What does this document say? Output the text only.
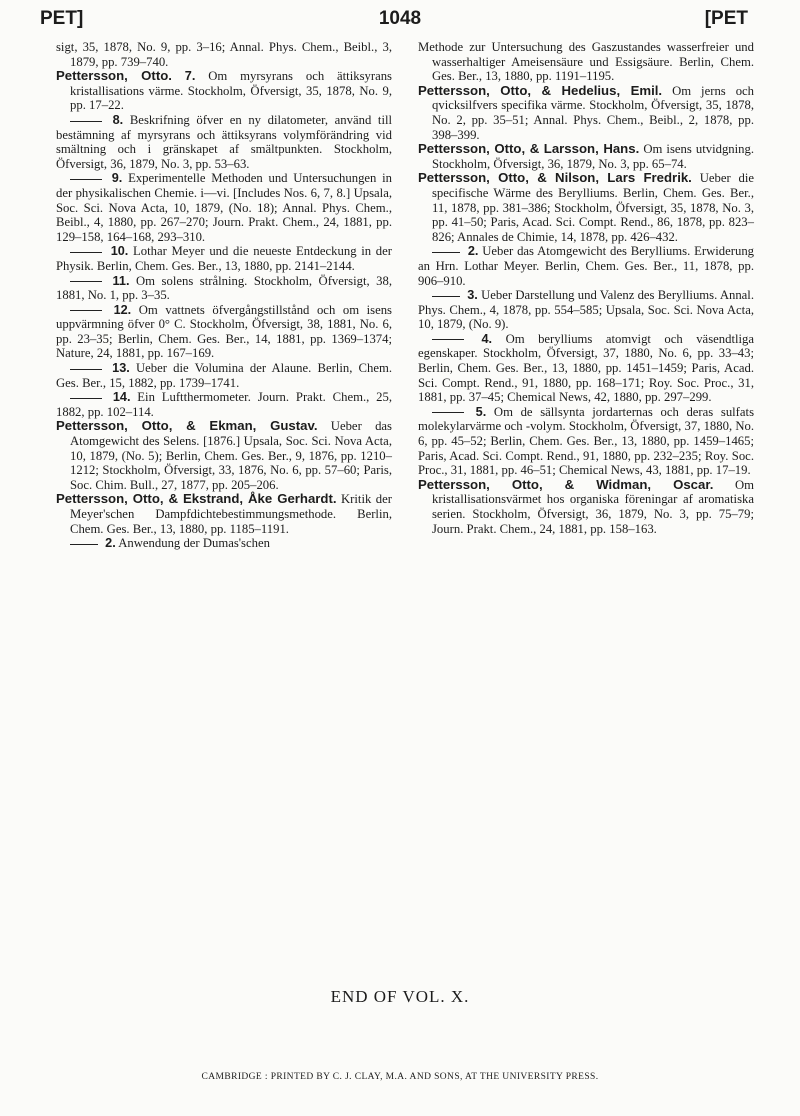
PET]	1048	[PET

sigt, 35, 1878, No. 9, pp. 3–16; Annal. Phys. Chem., Beibl., 3, 1879, pp. 739–740.

Pettersson, Otto. 7. Om myrsyrans och ättiksyrans kristallisations värme. Stockholm, Öfversigt, 35, 1878, No. 9, pp. 17–22.

8. Beskrifning öfver en ny dilatometer, använd till bestämning af myrsyrans och ättiksyrans volymförändring vid smältning och i gränskapet af smältpunkten. Stockholm, Öfversigt, 36, 1879, No. 3, pp. 53–63.

9. Experimentelle Methoden und Untersuchungen in der physikalischen Chemie. i—vi. [Includes Nos. 6, 7, 8.] Upsala, Soc. Sci. Nova Acta, 10, 1879, (No. 18); Annal. Phys. Chem., Beibl., 4, 1880, pp. 267–270; Journ. Prakt. Chem., 24, 1881, pp. 129–158, 164–168, 293–310.

10. Lothar Meyer und die neueste Entdeckung in der Physik. Berlin, Chem. Ges. Ber., 13, 1880, pp. 2141–2144.

11. Om solens strålning. Stockholm, Öfversigt, 38, 1881, No. 1, pp. 3–35.

12. Om vattnets öfvergångstillstånd och om isens uppvärmning öfver 0° C. Stockholm, Öfversigt, 38, 1881, No. 6, pp. 23–35; Berlin, Chem. Ges. Ber., 14, 1881, pp. 1369–1374; Nature, 24, 1881, pp. 167–169.

13. Ueber die Volumina der Alaune. Berlin, Chem. Ges. Ber., 15, 1882, pp. 1739–1741.

14. Ein Luftthermometer. Journ. Prakt. Chem., 25, 1882, pp. 102–114.

Pettersson, Otto, & Ekman, Gustav. Ueber das Atomgewicht des Selens. [1876.] Upsala, Soc. Sci. Nova Acta, 10, 1879, (No. 5); Berlin, Chem. Ges. Ber., 9, 1876, pp. 1210–1212; Stockholm, Öfversigt, 33, 1876, No. 6, pp. 57–60; Paris, Soc. Chim. Bull., 27, 1877, pp. 205–206.

Pettersson, Otto, & Ekstrand, Åke Gerhardt. Kritik der Meyer'schen Dampfdichtebestimmungsmethode. Berlin, Chem. Ges. Ber., 13, 1880, pp. 1185–1191.

2. Anwendung der Dumas'schen

Methode zur Untersuchung des Gaszustandes wasserfreier und wasserhaltiger Ameisensäure und Essigsäure. Berlin, Chem. Ges. Ber., 13, 1880, pp. 1191–1195.

Pettersson, Otto, & Hedelius, Emil. Om jerns och qvicksilfvers specifika värme. Stockholm, Öfversigt, 35, 1878, No. 2, pp. 35–51; Annal. Phys. Chem., Beibl., 2, 1878, pp. 398–399.

Pettersson, Otto, & Larsson, Hans. Om isens utvidgning. Stockholm, Öfversigt, 36, 1879, No. 3, pp. 65–74.

Pettersson, Otto, & Nilson, Lars Fredrik. Ueber die specifische Wärme des Berylliums. Berlin, Chem. Ges. Ber., 11, 1878, pp. 381–386; Stockholm, Öfversigt, 35, 1878, No. 3, pp. 41–50; Paris, Acad. Sci. Compt. Rend., 86, 1878, pp. 823–826; Annales de Chimie, 14, 1878, pp. 426–432.

2. Ueber das Atomgewicht des Berylliums. Erwiderung an Hrn. Lothar Meyer. Berlin, Chem. Ges. Ber., 11, 1878, pp. 906–910.

3. Ueber Darstellung und Valenz des Berylliums. Annal. Phys. Chem., 4, 1878, pp. 554–585; Upsala, Soc. Sci. Nova Acta, 10, 1879, (No. 9).

4. Om berylliums atomvigt och väsendtliga egenskaper. Stockholm, Öfversigt, 37, 1880, No. 6, pp. 33–43; Berlin, Chem. Ges. Ber., 13, 1880, pp. 1451–1459; Paris, Acad. Sci. Compt. Rend., 91, 1880, pp. 168–171; Roy. Soc. Proc., 31, 1881, pp. 37–45; Chemical News, 42, 1880, pp. 297–299.

5. Om de sällsynta jordarternas och deras sulfats molekylarvärme och -volym. Stockholm, Öfversigt, 37, 1880, No. 6, pp. 45–52; Berlin, Chem. Ges. Ber., 13, 1880, pp. 1459–1465; Paris, Acad. Sci. Compt. Rend., 91, 1880, pp. 232–235; Roy. Soc. Proc., 31, 1881, pp. 46–51; Chemical News, 43, 1881, pp. 17–19.

Pettersson, Otto, & Widman, Oscar. Om kristallisationsvärmet hos organiska föreningar af aromatiska serien. Stockholm, Öfversigt, 36, 1879, No. 3, pp. 75–79; Journ. Prakt. Chem., 24, 1881, pp. 158–163.

END OF VOL. X.
CAMBRIDGE : PRINTED BY C. J. CLAY, M.A. AND SONS, AT THE UNIVERSITY PRESS.
